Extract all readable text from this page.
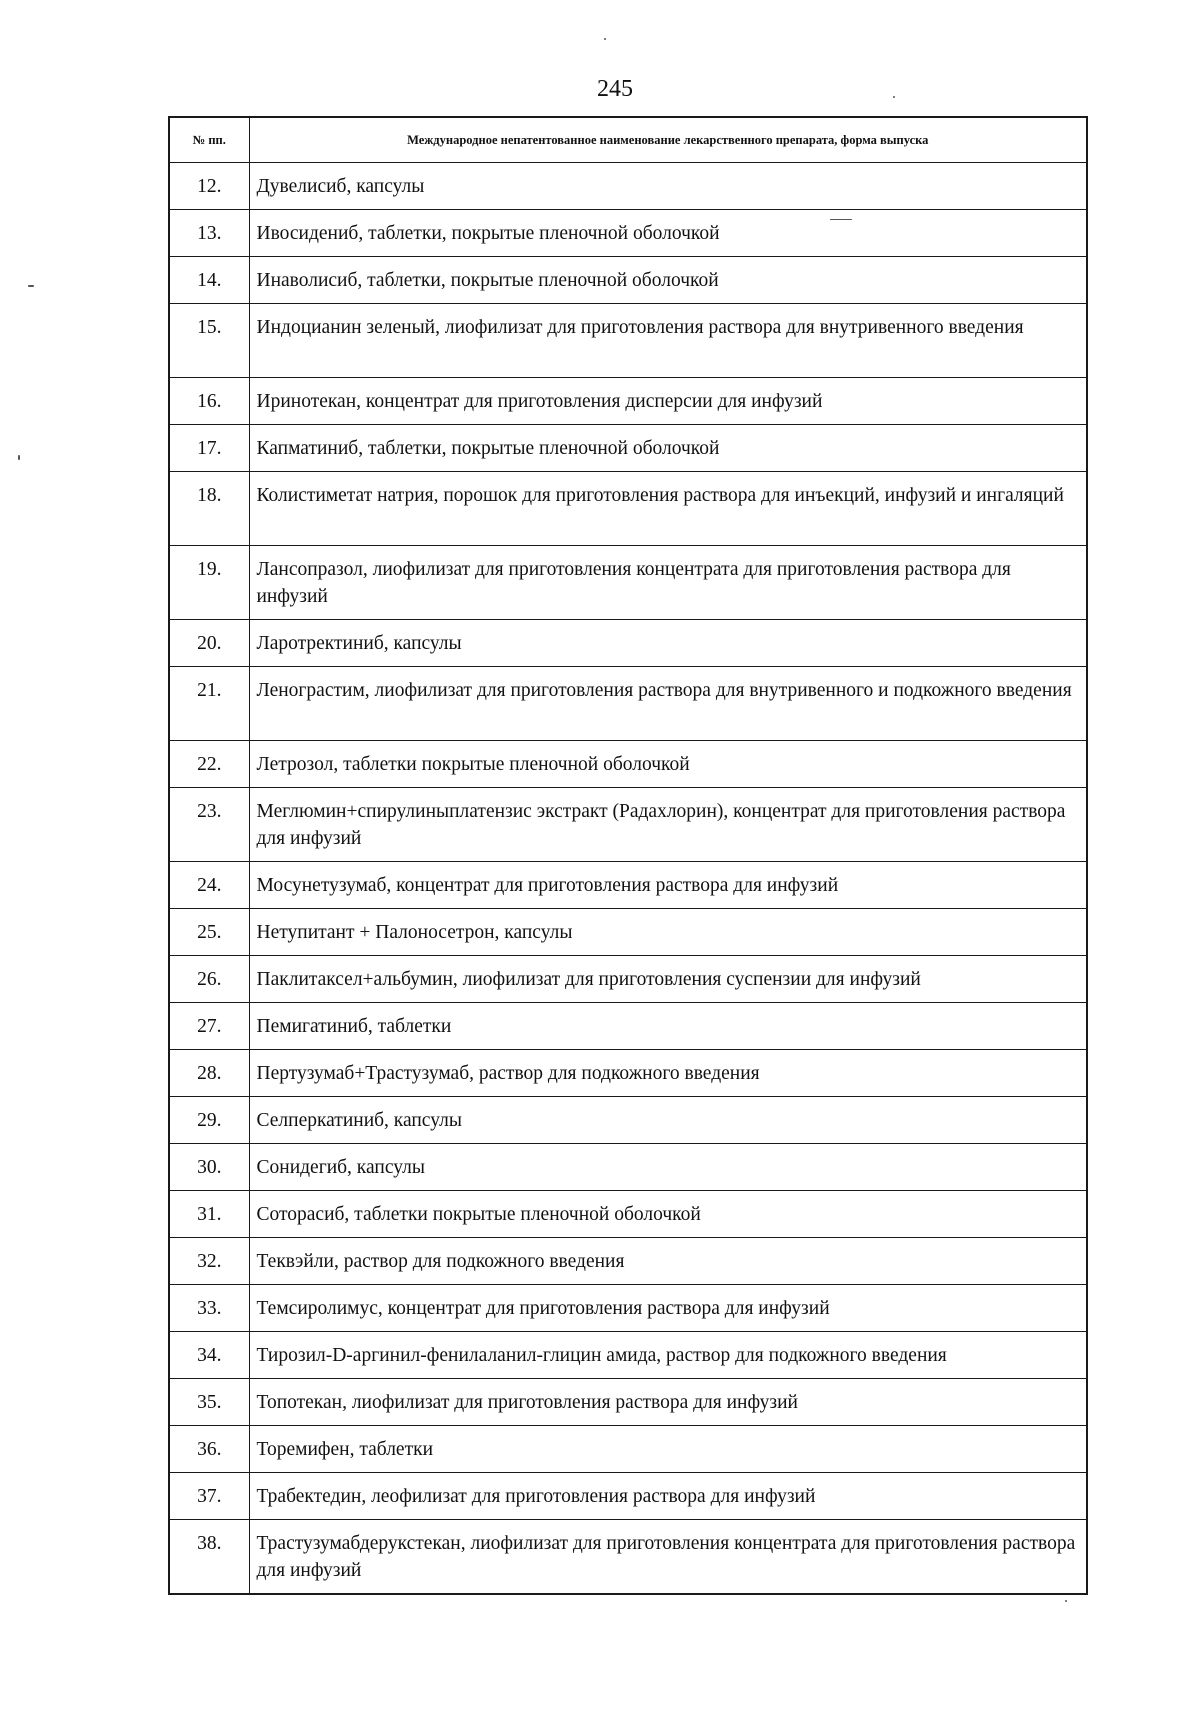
245
№ пп.	Международное непатентованное наименование лекарственного препарата, форма выпуска
12.	Дувелисиб, капсулы
13.	Ивосидениб, таблетки, покрытые пленочной оболочкой
14.	Инаволисиб, таблетки, покрытые пленочной оболочкой
15.	Индоцианин зеленый, лиофилизат для приготовления раствора для внутривенного введения
16.	Иринотекан, концентрат для приготовления дисперсии для инфузий
17.	Капматиниб, таблетки, покрытые пленочной оболочкой
18.	Колистиметат натрия, порошок для приготовления раствора для инъекций, инфузий и ингаляций
19.	Лансопразол, лиофилизат для приготовления концентрата для приготовления раствора для инфузий
20.	Ларотректиниб, капсулы
21.	Ленограстим, лиофилизат для приготовления раствора для внутривенного и подкожного введения
22.	Летрозол, таблетки покрытые пленочной оболочкой
23.	Меглюмин+спирулиныплатензис экстракт (Радахлорин), концентрат для приготовления раствора для инфузий
24.	Мосунетузумаб, концентрат для приготовления раствора для инфузий
25.	Нетупитант + Палоносетрон, капсулы
26.	Паклитаксел+альбумин, лиофилизат для приготовления суспензии для инфузий
27.	Пемигатиниб, таблетки
28.	Пертузумаб+Трастузумаб, раствор для подкожного введения
29.	Селперкатиниб, капсулы
30.	Сонидегиб, капсулы
31.	Соторасиб, таблетки покрытые пленочной оболочкой
32.	Теквэйли, раствор для подкожного введения
33.	Темсиролимус, концентрат для приготовления раствора для инфузий
34.	Тирозил-D-аргинил-фенилаланил-глицин амида, раствор для подкожного введения
35.	Топотекан, лиофилизат для приготовления раствора для инфузий
36.	Торемифен, таблетки
37.	Трабектедин, леофилизат для приготовления раствора для инфузий
38.	Трастузумабдерукстекан, лиофилизат для приготовления концентрата для приготовления раствора для инфузий
